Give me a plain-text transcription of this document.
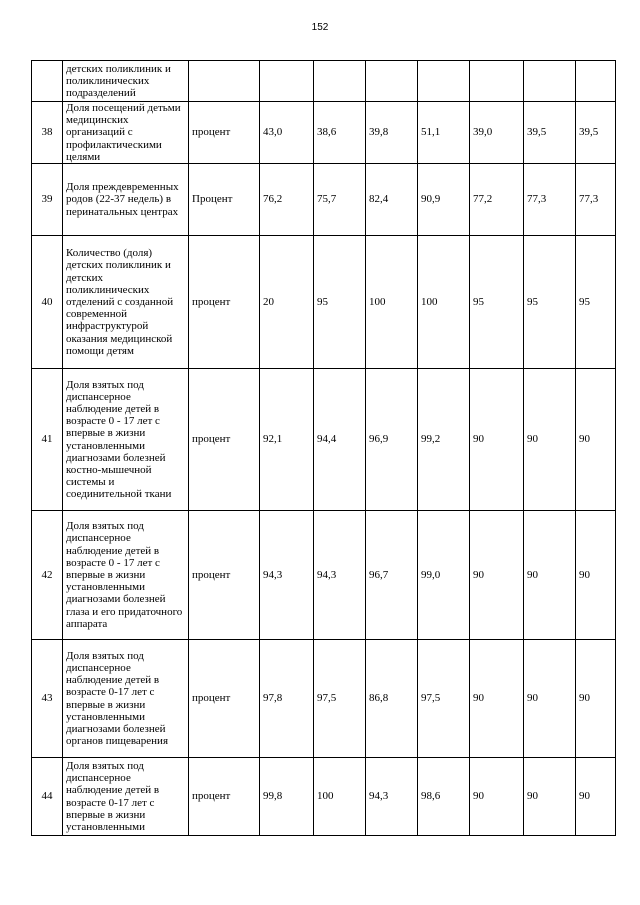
152
	детских поликлиник и поликлинических подразделений								
38	Доля посещений детьми медицинских организаций с профилактическими целями	процент	43,0	38,6	39,8	51,1	39,0	39,5	39,5
39	Доля преждевременных родов (22-37 недель) в перинатальных центрах	Процент	76,2	75,7	82,4	90,9	77,2	77,3	77,3
40	Количество (доля) детских поликлиник и детских поликлинических отделений с созданной современной инфраструктурой оказания медицинской помощи детям	процент	20	95	100	100	95	95	95
41	Доля взятых под диспансерное наблюдение детей в возрасте 0 - 17 лет с впервые в жизни установленными диагнозами болезней костно-мышечной системы и соединительной ткани	процент	92,1	94,4	96,9	99,2	90	90	90
42	Доля взятых под диспансерное наблюдение детей в возрасте 0 - 17 лет с впервые в жизни установленными диагнозами болезней глаза и его придаточного аппарата	процент	94,3	94,3	96,7	99,0	90	90	90
43	Доля взятых под диспансерное наблюдение детей в возрасте 0-17 лет с впервые в жизни установленными диагнозами болезней органов пищеварения	процент	97,8	97,5	86,8	97,5	90	90	90
44	Доля взятых под диспансерное наблюдение детей в возрасте 0-17 лет с впервые в жизни установленными	процент	99,8	100	94,3	98,6	90	90	90
